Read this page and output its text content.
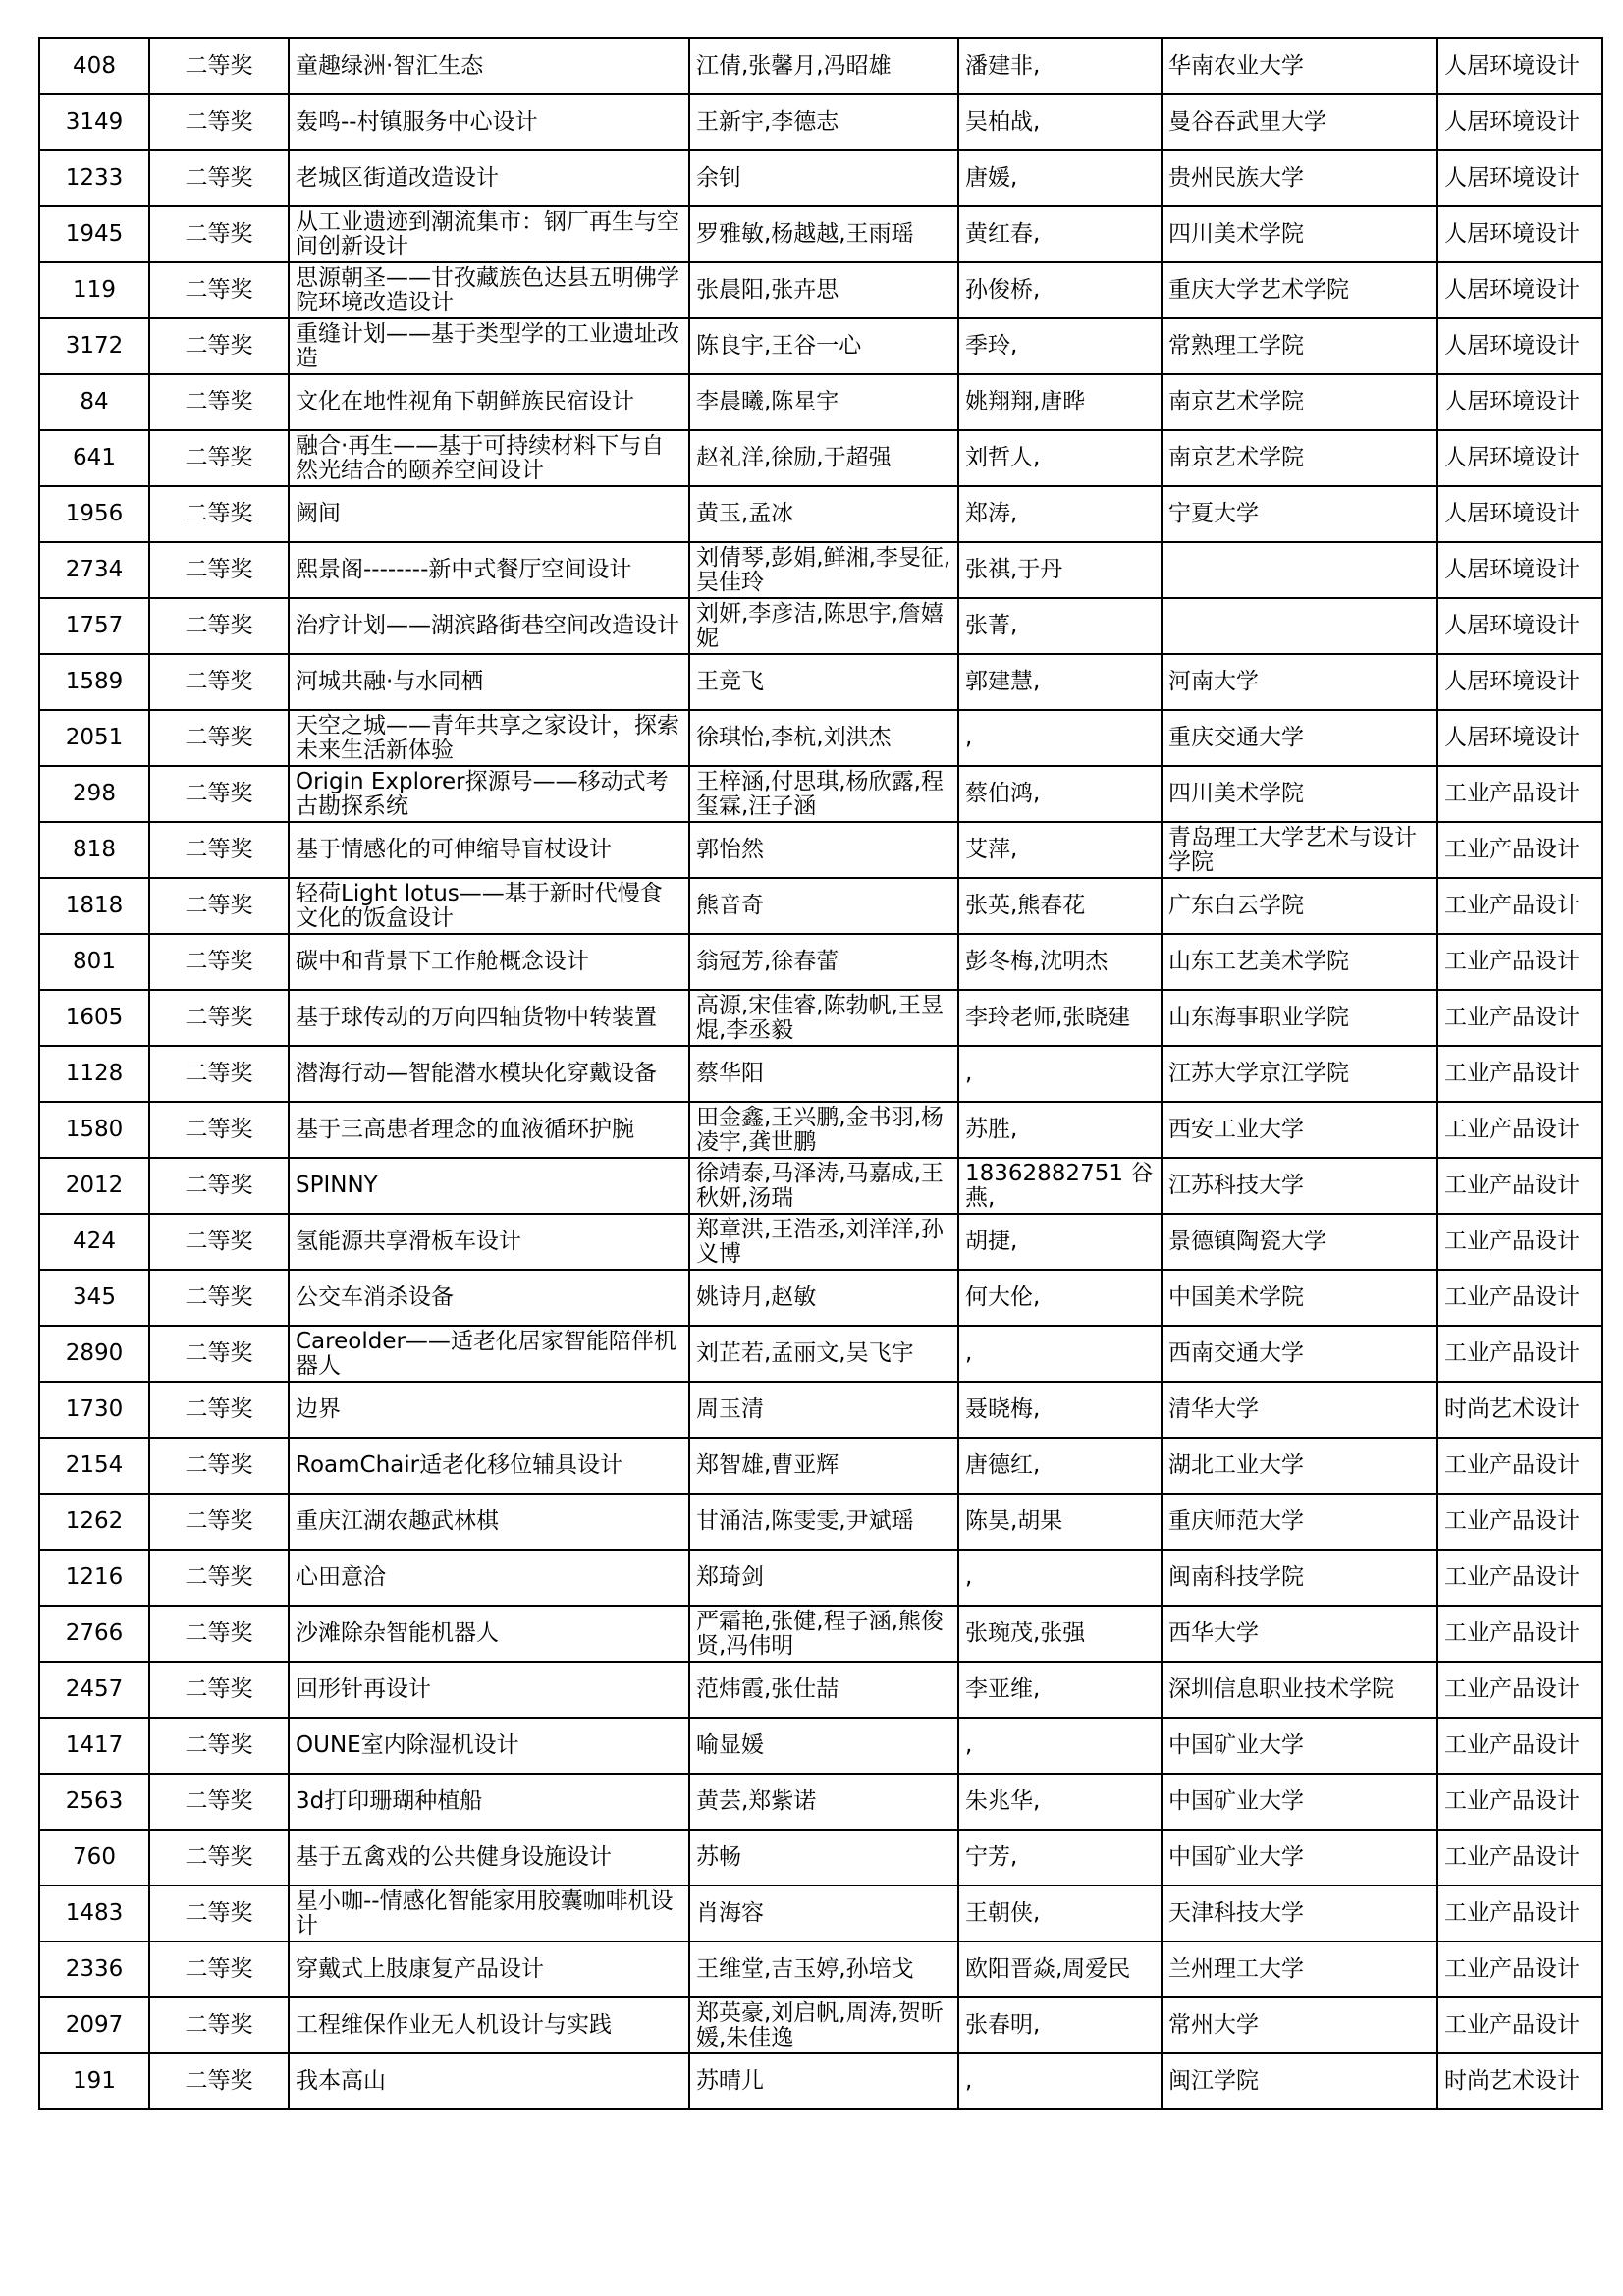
408	二等奖	童趣绿洲·智汇生态	江倩,张馨月,冯昭雄	潘建非,	华南农业大学	人居环境设计
3149	二等奖	轰鸣--村镇服务中心设计	王新宇,李德志	吴柏战,	曼谷吞武里大学	人居环境设计
1233	二等奖	老城区街道改造设计	余钊	唐媛,	贵州民族大学	人居环境设计
1945	二等奖	从工业遗迹到潮流集市：钢厂再生与空间创新设计	罗雅敏,杨越越,王雨瑶	黄红春,	四川美术学院	人居环境设计
119	二等奖	思源朝圣——甘孜藏族色达县五明佛学院环境改造设计	张晨阳,张卉思	孙俊桥,	重庆大学艺术学院	人居环境设计
3172	二等奖	重缝计划——基于类型学的工业遗址改造	陈良宇,王谷一心	季玲,	常熟理工学院	人居环境设计
84	二等奖	文化在地性视角下朝鲜族民宿设计	李晨曦,陈星宇	姚翔翔,唐晔	南京艺术学院	人居环境设计
641	二等奖	融合·再生——基于可持续材料下与自然光结合的颐养空间设计	赵礼洋,徐励,于超强	刘哲人,	南京艺术学院	人居环境设计
1956	二等奖	阙间	黄玉,孟冰	郑涛,	宁夏大学	人居环境设计
2734	二等奖	熙景阁--------新中式餐厅空间设计	刘倩琴,彭娟,鲜湘,李旻征,吴佳玲	张祺,于丹		人居环境设计
1757	二等奖	治疗计划——湖滨路街巷空间改造设计	刘妍,李彦洁,陈思宇,詹嬉妮	张菁,		人居环境设计
1589	二等奖	河城共融·与水同栖	王竞飞	郭建慧,	河南大学	人居环境设计
2051	二等奖	天空之城——青年共享之家设计，探索未来生活新体验	徐琪怡,李杭,刘洪杰	,	重庆交通大学	人居环境设计
298	二等奖	Origin Explorer探源号——移动式考古勘探系统	王梓涵,付思琪,杨欣露,程玺霖,汪子涵	蔡伯鸿,	四川美术学院	工业产品设计
818	二等奖	基于情感化的可伸缩导盲杖设计	郭怡然	艾萍,	青岛理工大学艺术与设计学院	工业产品设计
1818	二等奖	轻荷Light lotus——基于新时代慢食文化的饭盒设计	熊音奇	张英,熊春花	广东白云学院	工业产品设计
801	二等奖	碳中和背景下工作舱概念设计	翁冠芳,徐春蕾	彭冬梅,沈明杰	山东工艺美术学院	工业产品设计
1605	二等奖	基于球传动的万向四轴货物中转装置	高源,宋佳睿,陈勃帆,王昱焜,李丞毅	李玲老师,张晓建	山东海事职业学院	工业产品设计
1128	二等奖	潜海行动—智能潜水模块化穿戴设备	蔡华阳	,	江苏大学京江学院	工业产品设计
1580	二等奖	基于三高患者理念的血液循环护腕	田金鑫,王兴鹏,金书羽,杨凌宇,龚世鹏	苏胜,	西安工业大学	工业产品设计
2012	二等奖	SPINNY	徐靖泰,马泽涛,马嘉成,王秋妍,汤瑞	18362882751 谷燕,	江苏科技大学	工业产品设计
424	二等奖	氢能源共享滑板车设计	郑章洪,王浩丞,刘洋洋,孙义博	胡捷,	景德镇陶瓷大学	工业产品设计
345	二等奖	公交车消杀设备	姚诗月,赵敏	何大伦,	中国美术学院	工业产品设计
2890	二等奖	Careolder——适老化居家智能陪伴机器人	刘芷若,孟丽文,吴飞宇	,	西南交通大学	工业产品设计
1730	二等奖	边界	周玉清	聂晓梅,	清华大学	时尚艺术设计
2154	二等奖	RoamChair适老化移位辅具设计	郑智雄,曹亚辉	唐德红,	湖北工业大学	工业产品设计
1262	二等奖	重庆江湖农趣武林棋	甘涌洁,陈雯雯,尹斌瑶	陈昊,胡果	重庆师范大学	工业产品设计
1216	二等奖	心田意洽	郑琦剑	,	闽南科技学院	工业产品设计
2766	二等奖	沙滩除杂智能机器人	严霜艳,张健,程子涵,熊俊贤,冯伟明	张琬茂,张强	西华大学	工业产品设计
2457	二等奖	回形针再设计	范炜霞,张仕喆	李亚维,	深圳信息职业技术学院	工业产品设计
1417	二等奖	OUNE室内除湿机设计	喻显媛	,	中国矿业大学	工业产品设计
2563	二等奖	3d打印珊瑚种植船	黄芸,郑紫诺	朱兆华,	中国矿业大学	工业产品设计
760	二等奖	基于五禽戏的公共健身设施设计	苏畅	宁芳,	中国矿业大学	工业产品设计
1483	二等奖	星小咖--情感化智能家用胶囊咖啡机设计	肖海容	王朝侠,	天津科技大学	工业产品设计
2336	二等奖	穿戴式上肢康复产品设计	王维堂,吉玉婷,孙培戈	欧阳晋焱,周爱民	兰州理工大学	工业产品设计
2097	二等奖	工程维保作业无人机设计与实践	郑英豪,刘启帆,周涛,贺昕媛,朱佳逸	张春明,	常州大学	工业产品设计
191	二等奖	我本高山	苏晴儿	,	闽江学院	时尚艺术设计
